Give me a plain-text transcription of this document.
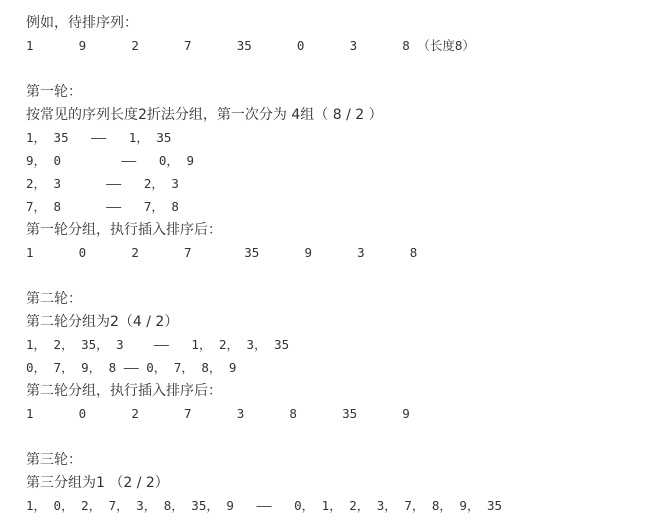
例如，待排序列：
1      9      2      7      35      0      3      8 （长度8）
第一轮：
按常见的序列长度2折法分组，第一次分为 4组（ 8 / 2 ）
1， 35   ——   1， 35
9， 0        ——   0， 9
2， 3      ——   2， 3
7， 8      ——   7， 8
第一轮分组，执行插入排序后：
1      0      2      7       35      9      3      8
第二轮：
第二轮分组为2（4 / 2）
1， 2， 35， 3    ——   1， 2， 3， 35
0， 7， 9， 8 —— 0， 7， 8， 9
第二轮分组，执行插入排序后：
1      0      2      7      3      8      35      9
第三轮：
第三分组为1 （2 / 2）
1， 0， 2， 7， 3， 8， 35， 9   ——   0， 1， 2， 3， 7， 8， 9， 35
